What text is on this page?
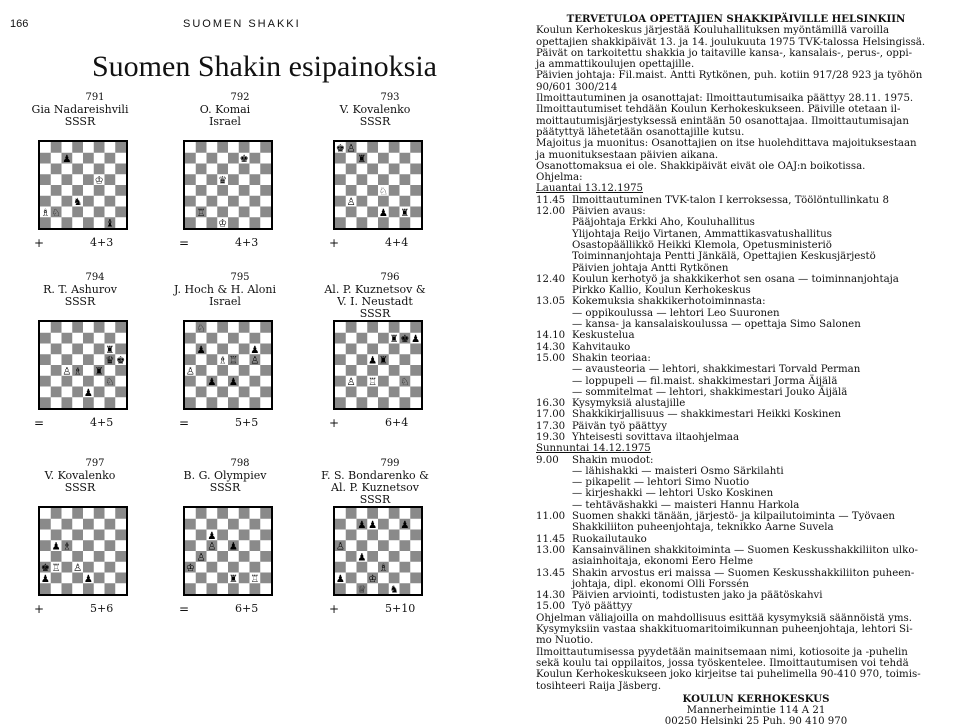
166	SUOMEN SHAKKI
Suomen Shakin esipainoksia
791
Gia Nadareishvili
SSSR
♗
♟
♞
♔
♝
♘
+	4+3
792
O. Komai
Israel
♚
♛
♖
♔
=	4+3
793
V. Kovalenko
SSSR
♚ ♙
♜
♘
♜
♙
♟
+	4+4
794
R. T. Ashurov
SSSR
♜
♛
♙ ♗ ♜
♘
♚
♟
=	4+5
795
J. Hoch & H. Aloni
Israel
♘
♟	♟
♗ ♖ ♙
♙
♟ ♟
=	5+5
796
Al. P. Kuznetsov &
V. I. Neustadt
SSSR
♜ ♚ ♟
♟ ♜
♙ ♖ ♘
+	6+4
797
V. Kovalenko
SSSR
♟ ♗
♚ ♖ ♙
♟	♟
+	5+6
798
B. G. Olympiev
SSSR
♟
♙ ♟
♙
♔
♜ ♖
=	6+5
799
F. S. Bondarenko &
Al. P. Kuznetsov
SSSR
♟ ♟ ♟
♙
♟
♗
♟
♕ ♞
♔
+	5+10
TERVETULOA OPETTAJIEN SHAKKIPÄIVILLE HELSINKIIN
Koulun Kerhokeskus järjestää Kouluhallituksen myöntämillä varoilla
opettajien shakkipäivät 13. ja 14. joulukuuta 1975 TVK-talossa Helsingissä.
Päivät on tarkoitettu shakkia jo taitaville kansa-, kansalais-, perus-, oppi-
ja ammattikoulujen opettajille.
Päivien johtaja: Fil.maist. Antti Rytkönen, puh. kotiin 917/28 923 ja työhön
90/601 300/214
Ilmoittautuminen ja osanottajat: Ilmoittautumisaika päättyy 28.11. 1975.
Ilmoittautumiset tehdään Koulun Kerhokeskukseen. Päiville otetaan il-
moittautumisjärjestyksessä enintään 50 osanottajaa. Ilmoittautumisajan
päätyttyä lähetetään osanottajille kutsu.
Majoitus ja muonitus: Osanottajien on itse huolehdittava majoituksestaan
ja muonituksestaan päivien aikana.
Osanottomaksua ei ole. Shakkipäivät eivät ole OAJ:n boikotissa.
Ohjelma:
Lauantai 13.12.1975
11.45 Ilmoittautuminen TVK-talon I kerroksessa, Töölöntullinkatu 8
12.00 Päivien avaus:
Pääjohtaja Erkki Aho, Kouluhallitus
Ylijohtaja Reijo Virtanen, Ammattikasvatushallitus
Osastopäällikkö Heikki Klemola, Opetusministeriö
Toiminnanjohtaja Pentti Jänkälä, Opettajien Keskusjärjestö
Päivien johtaja Antti Rytkönen
12.40 Koulun kerhotyö ja shakkikerhot sen osana — toiminnanjohtaja
Pirkko Kallio, Koulun Kerhokeskus
13.05 Kokemuksia shakkikerhotoiminnasta:
— oppikoulussa — lehtori Leo Suuronen
— kansa- ja kansalaiskoulussa — opettaja Simo Salonen
14.10 Keskustelua
14.30 Kahvitauko
15.00 Shakin teoriaa:
— avausteoria — lehtori, shakkimestari Torvald Perman
— loppupeli — fil.maist. shakkimestari Jorma Äijälä
— sommitelmat — lehtori, shakkimestari Jouko Äijälä
16.30 Kysymyksiä alustajille
17.00 Shakkikirjallisuus — shakkimestari Heikki Koskinen
17.30 Päivän työ päättyy
19.30 Yhteisesti sovittava iltaohjelmaa
Sunnuntai 14.12.1975
9.00	Shakin muodot:
— lähishakki — maisteri Osmo Särkilahti
— pikapelit — lehtori Simo Nuotio
— kirjeshakki — lehtori Usko Koskinen
— tehtäväshakki — maisteri Hannu Harkola
11.00 Suomen shakki tänään, järjestö- ja kilpailutoiminta — Työvaen
Shakkiliiton puheenjohtaja, teknikko Aarne Suvela
11.45 Ruokailutauko
13.00 Kansainvälinen shakkitoiminta — Suomen Keskusshakkiliiton ulko-
asiainhoitaja, ekonomi Eero Helme
13.45 Shakin arvostus eri maissa — Suomen Keskusshakkiliiton puheen-
johtaja, dipl. ekonomi Olli Forssén
14.30 Päivien arviointi, todistusten jako ja päätöskahvi
15.00 Työ päättyy
Ohjelman väliajoilla on mahdollisuus esittää kysymyksiä säännöistä yms.
Kysymyksiin vastaa shakkituomaritoimikunnan puheenjohtaja, lehtori Si-
mo Nuotio.
Ilmoittautumisessa pyydetään mainitsemaan nimi, kotiosoite ja -puhelin
sekä koulu tai oppilaitos, jossa työskentelee. Ilmoittautumisen voi tehdä
Koulun Kerhokeskukseen joko kirjeitse tai puhelimella 90-410 970, toimis-
tosihteeri Raija Jäsberg.
KOULUN KERHOKESKUS
Mannerheimintie 114 A 21
00250 Helsinki 25 Puh. 90 410 970
